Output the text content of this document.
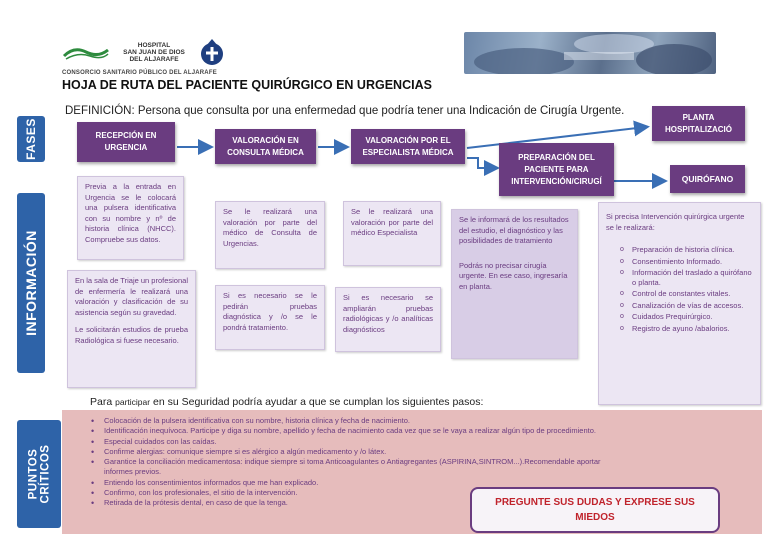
HOSPITAL
SAN JUAN DE DIOS
DEL ALJARAFE
CONSORCIO SANITARIO PÚBLICO DEL ALJARAFE
HOJA DE RUTA DEL PACIENTE QUIRÚRGICO EN URGENCIAS
DEFINICIÓN: Persona que consulta por una enfermedad que podría tener una Indicación de Cirugía Urgente.
FASES
INFORMACIÓN
PUNTOS CRÍTICOS
RECEPCIÓN EN URGENCIA
VALORACIÓN EN CONSULTA MÉDICA
VALORACIÓN POR EL ESPECIALISTA MÉDICA
PREPARACIÓN DEL PACIENTE PARA INTERVENCIÓN/CIRUGÍ
PLANTA HOSPITALIZACIÓ
QUIRÓFANO

Previa a la entrada en Urgencia se le colocará una pulsera identificativa con su nombre y nº de historia clínica (NHCC). Compruebe sus datos.

En la sala de Triaje un profesional de enfermería le realizará una valoración y clasificación de su asistencia según su gravedad.

Le solicitarán estudios de prueba Radiológica si fuese necesario.

Se le realizará una valoración por parte del médico de Consulta de Urgencias.

Si es necesario se le pedirán pruebas diagnóstica y /o se le pondrá tratamiento.

Se le realizará una valoración por parte del médico Especialista

Si es necesario se ampliarán pruebas radiológicas y /o analíticas diagnósticos

Se le informará de los resultados del estudio, el diagnóstico y las posibilidades de tratamiento

Podrás no precisar cirugía urgente. En ese caso, ingresaría en planta.

Si precisa Intervención quirúrgica urgente se le realizará:

o Preparación de historia clínica.
o Consentimiento Informado.
o Información del traslado a quirófano o planta.
o Control de constantes vitales.
o Canalización de vías de accesos.
o Cuidados Prequirúrgico.
o Registro de ayuno /abalorios.
Para participar en su Seguridad podría ayudar a que se cumplan los siguientes pasos:
• Colocación de la pulsera identificativa con su nombre, historia clínica y fecha de nacimiento.
• Identificación inequívoca. Participe y diga su nombre, apellido y fecha de nacimiento cada vez que se le vaya a realizar algún tipo de procedimiento.
• Especial cuidados con las caídas.
• Confirme alergias: comunique siempre si es alérgico a algún medicamento y /o látex.
• Garantice la conciliación medicamentosa: indique siempre si toma Anticoagulantes o Antiagregantes (ASPIRINA,SINTROM...).Recomendable aportar
informes previos.
• Entiendo los consentimientos informados que me han explicado.
• Confirmo, con los profesionales, el sitio de la intervención.
• Retirada de la prótesis dental, en caso de que la tenga.	PREGUNTE SUS DUDAS Y EXPRESE SUS MIEDOS
